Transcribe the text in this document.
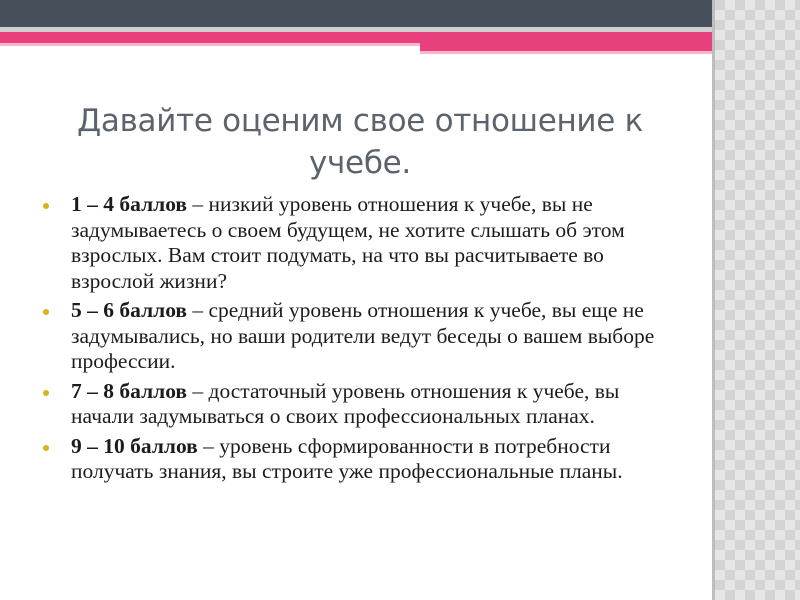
Давайте оценим свое отношение к учебе.
1 – 4 баллов – низкий уровень отношения к учебе, вы не задумываетесь о своем будущем, не хотите слышать об этом взрослых. Вам стоит подумать, на что вы расчитываете во взрослой жизни?
5 – 6 баллов – средний уровень отношения к учебе, вы еще не задумывались, но ваши родители ведут беседы о вашем выборе профессии.
7 – 8 баллов – достаточный уровень отношения к учебе, вы начали задумываться о своих профессиональных планах.
9 – 10 баллов – уровень сформированности в потребности получать знания, вы строите уже профессиональные планы.
